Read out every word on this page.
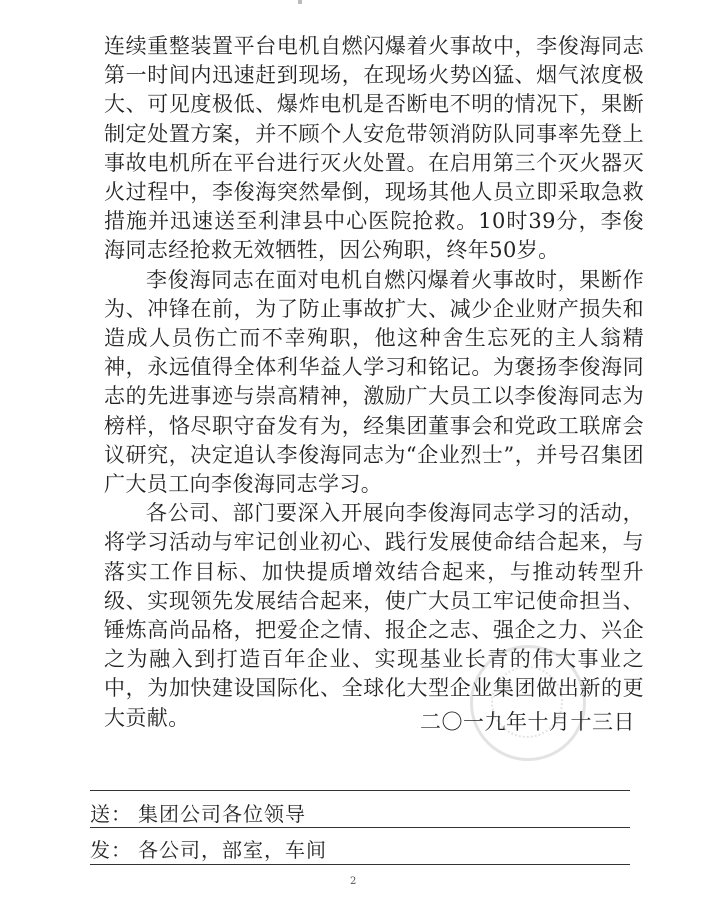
连续重整装置平台电机自燃闪爆着火事故中，李俊海同志第一时间内迅速赶到现场，在现场火势凶猛、烟气浓度极大、可见度极低、爆炸电机是否断电不明的情况下，果断制定处置方案，并不顾个人安危带领消防队同事率先登上事故电机所在平台进行灭火处置。在启用第三个灭火器灭火过程中，李俊海突然晕倒，现场其他人员立即采取急救措施并迅速送至利津县中心医院抢救。10时39分，李俊海同志经抢救无效牺牲，因公殉职，终年50岁。

李俊海同志在面对电机自燃闪爆着火事故时，果断作为、冲锋在前，为了防止事故扩大、减少企业财产损失和造成人员伤亡而不幸殉职，他这种舍生忘死的主人翁精神，永远值得全体利华益人学习和铭记。为褒扬李俊海同志的先进事迹与崇高精神，激励广大员工以李俊海同志为榜样，恪尽职守奋发有为，经集团董事会和党政工联席会议研究，决定追认李俊海同志为“企业烈士”，并号召集团广大员工向李俊海同志学习。

各公司、部门要深入开展向李俊海同志学习的活动，将学习活动与牢记创业初心、践行发展使命结合起来，与落实工作目标、加快提质增效结合起来，与推动转型升级、实现领先发展结合起来，使广大员工牢记使命担当、锤炼高尚品格，把爱企之情、报企之志、强企之力、兴企之为融入到打造百年企业、实现基业长青的伟大事业之中，为加快建设国际化、全球化大型企业集团做出新的更大贡献。	二〇一九年十月十三日
送： 集团公司各位领导
发： 各公司，部室，车间
2
